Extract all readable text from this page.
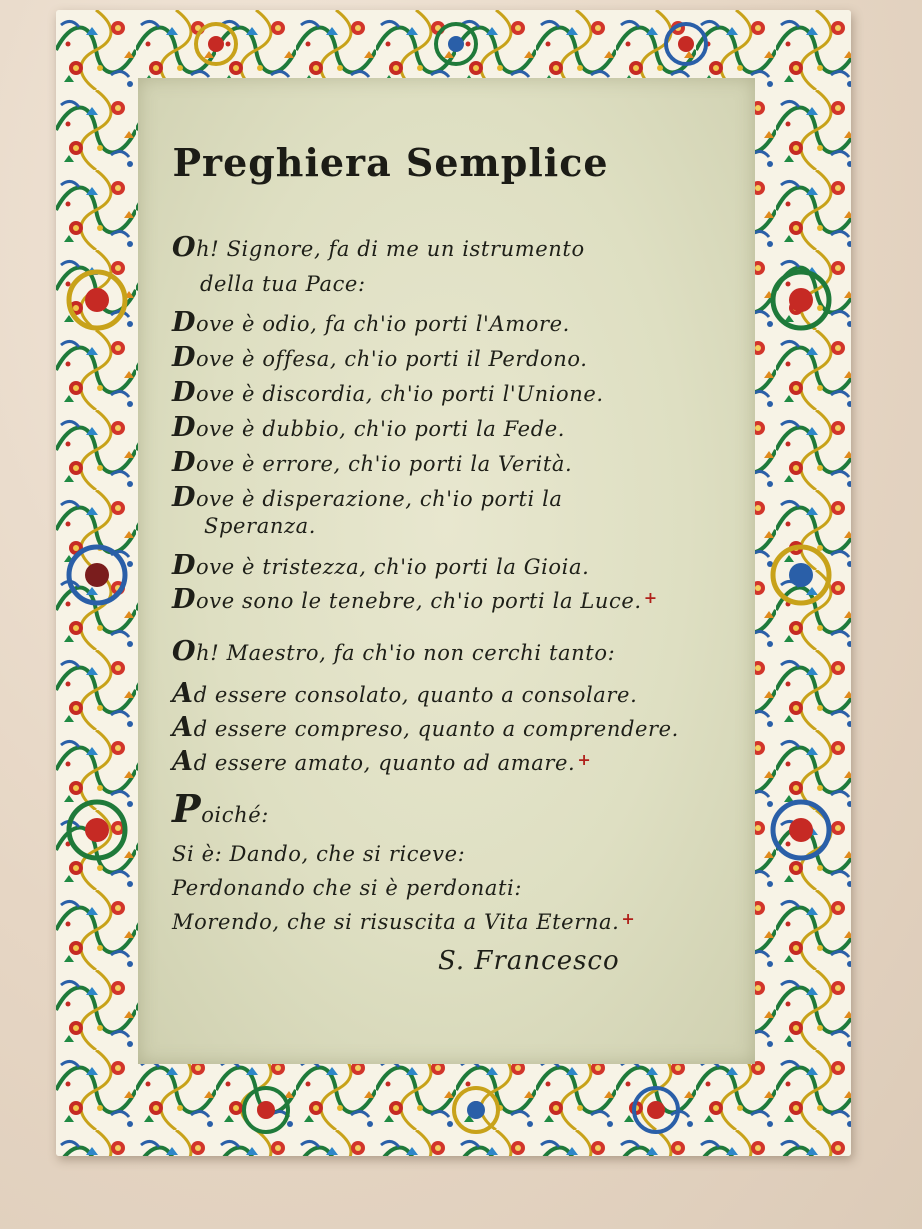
Preghiera Semplice
Oh! Signore, fa di me un istrumento
della tua Pace:
Dove è odio, fa ch'io porti l'Amore.
Dove è offesa, ch'io porti il Perdono.
Dove è discordia, ch'io porti l'Unione.
Dove è dubbio, ch'io porti la Fede.
Dove è errore, ch'io porti la Verità.
Dove è disperazione, ch'io porti la
Speranza.
Dove è tristezza, ch'io porti la Gioia.
Dove sono le tenebre, ch'io porti la Luce. +
Oh! Maestro, fa ch'io non cerchi tanto:
Ad essere consolato, quanto a consolare.
Ad essere compreso, quanto a comprendere.
Ad essere amato, quanto ad amare. +
Poiché:
Si è: Dando, che si riceve:
Perdonando che si è perdonati:
Morendo, che si risuscita a Vita Eterna. +
S. Francesco
